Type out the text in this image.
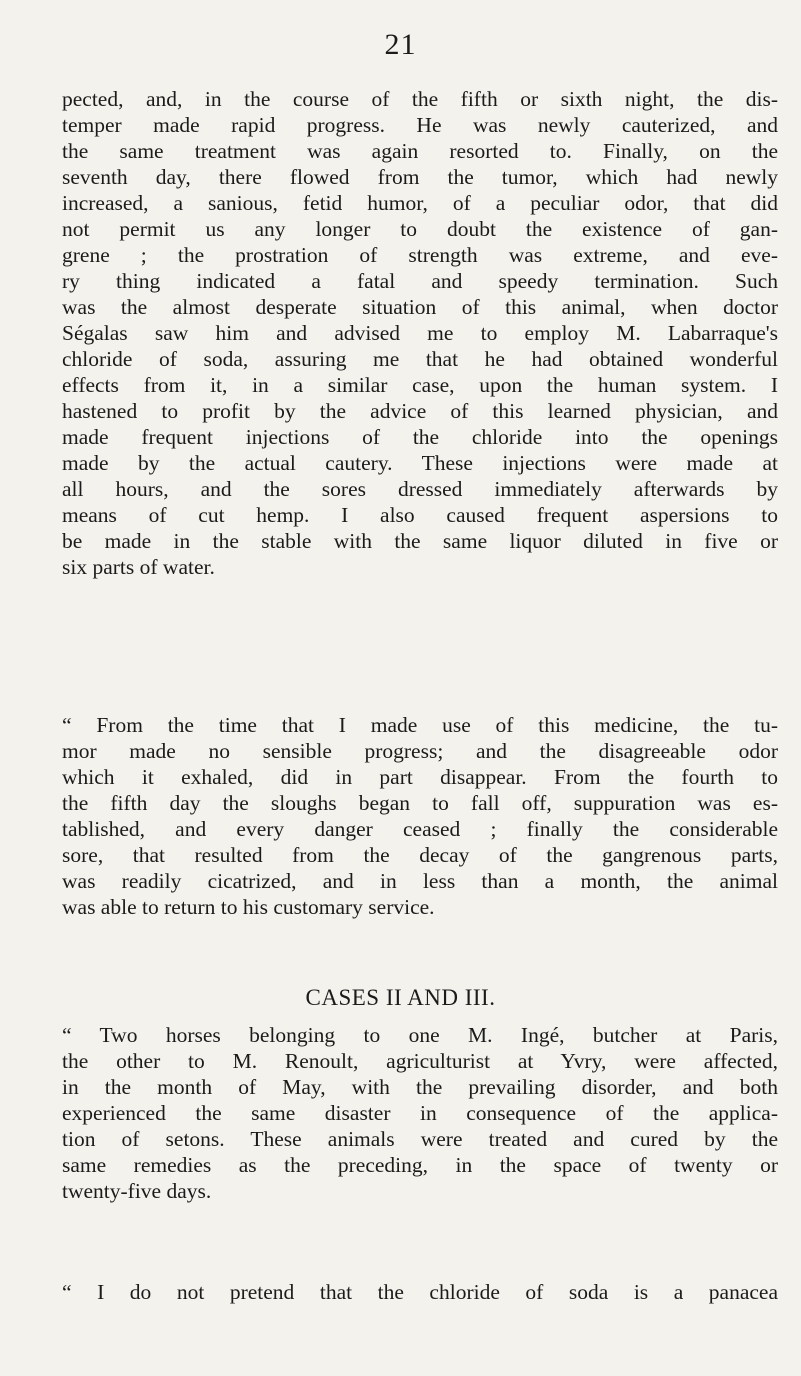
21
pected, and, in the course of the fifth or sixth night, the dis-
temper made rapid progress. He was newly cauterized, and
the same treatment was again resorted to. Finally, on the
seventh day, there flowed from the tumor, which had newly
increased, a sanious, fetid humor, of a peculiar odor, that did
not permit us any longer to doubt the existence of gan-
grene ; the prostration of strength was extreme, and eve-
ry thing indicated a fatal and speedy termination. Such
was the almost desperate situation of this animal, when doctor
Ségalas saw him and advised me to employ M. Labarraque's
chloride of soda, assuring me that he had obtained wonderful
effects from it, in a similar case, upon the human system. I
hastened to profit by the advice of this learned physician, and
made frequent injections of the chloride into the openings
made by the actual cautery. These injections were made at
all hours, and the sores dressed immediately afterwards by
means of cut hemp. I also caused frequent aspersions to
be made in the stable with the same liquor diluted in five or
six parts of water.
“ From the time that I made use of this medicine, the tu-
mor made no sensible progress; and the disagreeable odor
which it exhaled, did in part disappear. From the fourth to
the fifth day the sloughs began to fall off, suppuration was es-
tablished, and every danger ceased ; finally the considerable
sore, that resulted from the decay of the gangrenous parts,
was readily cicatrized, and in less than a month, the animal
was able to return to his customary service.
CASES II AND III.
“ Two horses belonging to one M. Ingé, butcher at Paris,
the other to M. Renoult, agriculturist at Yvry, were affected,
in the month of May, with the prevailing disorder, and both
experienced the same disaster in consequence of the applica-
tion of setons. These animals were treated and cured by the
same remedies as the preceding, in the space of twenty or
twenty-five days.
“ I do not pretend that the chloride of soda is a panacea
